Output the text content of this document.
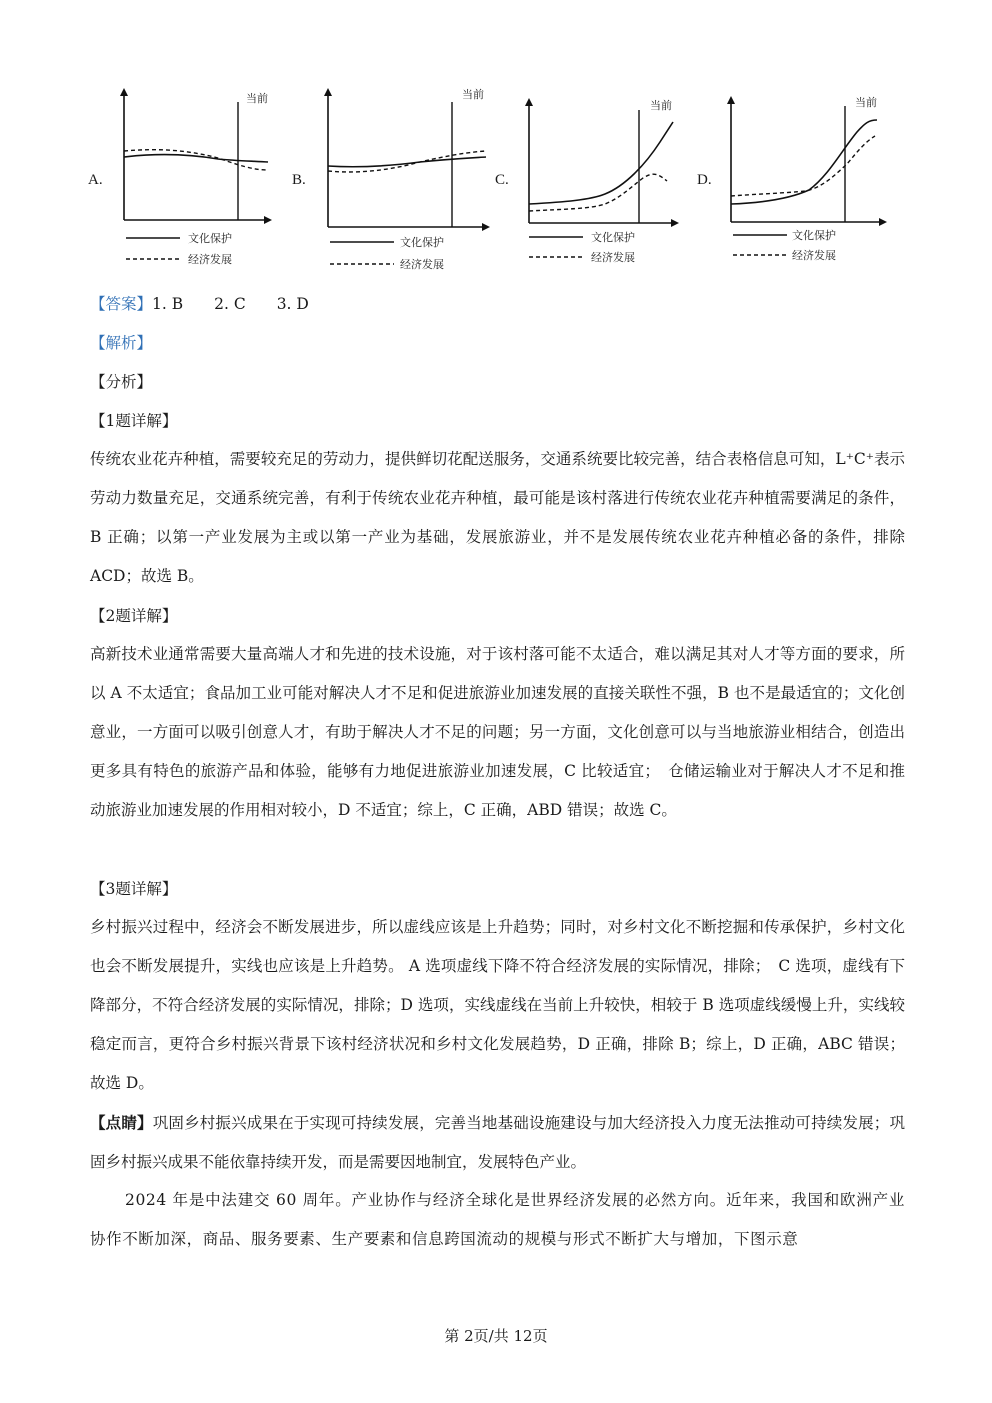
A.
当前
文化保护
经济发展
B.
当前
文化保护
经济发展
C.
当前
文化保护
经济发展
D.
当前
文化保护
经济发展
【答案】1. B　　2. C　　3. D
【解析】
【分析】
【1题详解】
传统农业花卉种植，需要较充足的劳动力，提供鲜切花配送服务，交通系统要比较完善，结合表格信息可知，L⁺C⁺表示劳动力数量充足，交通系统完善，有利于传统农业花卉种植，最可能是该村落进行传统农业花卉种植需要满足的条件，B 正确；以第一产业发展为主或以第一产业为基础，发展旅游业，并不是发展传统农业花卉种植必备的条件，排除 ACD；故选 B。
【2题详解】
高新技术业通常需要大量高端人才和先进的技术设施，对于该村落可能不太适合，难以满足其对人才等方面的要求，所以 A 不太适宜；食品加工业可能对解决人才不足和促进旅游业加速发展的直接关联性不强，B 也不是最适宜的；文化创意业，一方面可以吸引创意人才，有助于解决人才不足的问题；另一方面，文化创意可以与当地旅游业相结合，创造出更多具有特色的旅游产品和体验，能够有力地促进旅游业加速发展，C 比较适宜；　仓储运输业对于解决人才不足和推动旅游业加速发展的作用相对较小，D 不适宜；综上，C 正确，ABD 错误；故选 C。
【3题详解】
乡村振兴过程中，经济会不断发展进步，所以虚线应该是上升趋势；同时，对乡村文化不断挖掘和传承保护，乡村文化也会不断发展提升，实线也应该是上升趋势。 A 选项虚线下降不符合经济发展的实际情况，排除；　C 选项，虚线有下降部分，不符合经济发展的实际情况，排除；D 选项，实线虚线在当前上升较快，相较于 B 选项虚线缓慢上升，实线较稳定而言，更符合乡村振兴背景下该村经济状况和乡村文化发展趋势，D 正确，排除 B；综上，D 正确，ABC 错误；故选 D。
【点睛】巩固乡村振兴成果在于实现可持续发展，完善当地基础设施建设与加大经济投入力度无法推动可持续发展；巩固乡村振兴成果不能依靠持续开发，而是需要因地制宜，发展特色产业。
2024 年是中法建交 60 周年。产业协作与经济全球化是世界经济发展的必然方向。近年来，我国和欧洲产业协作不断加深，商品、服务要素、生产要素和信息跨国流动的规模与形式不断扩大与增加，下图示意
第 2页/共 12页
